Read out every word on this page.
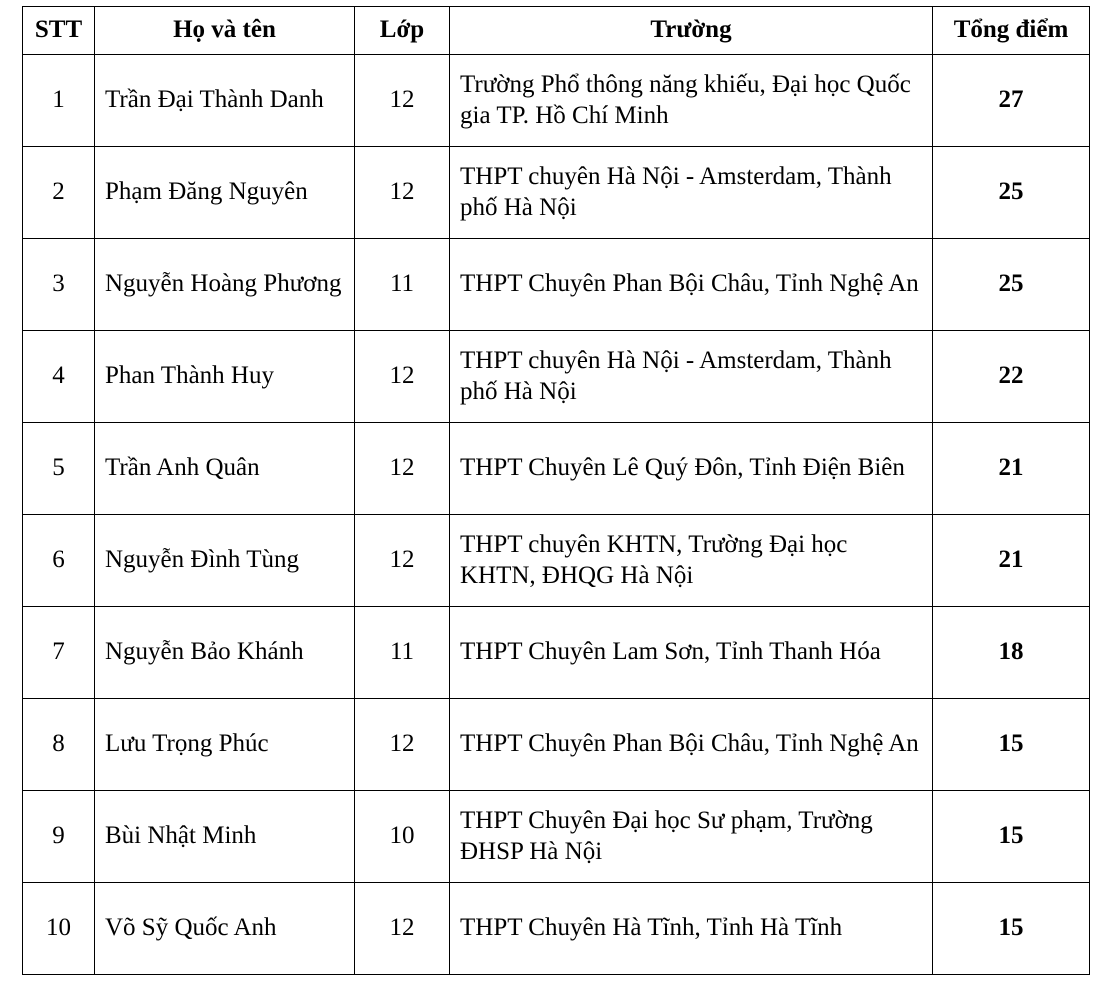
STT	Họ và tên	Lớp	Trường	Tổng điểm
1	Trần Đại Thành Danh	12	Trường Phổ thông năng khiếu, Đại học Quốc gia TP. Hồ Chí Minh	27
2	Phạm Đăng Nguyên	12	THPT chuyên Hà Nội - Amsterdam, Thành phố Hà Nội	25
3	Nguyễn Hoàng Phương	11	THPT Chuyên Phan Bội Châu, Tỉnh Nghệ An	25
4	Phan Thành Huy	12	THPT chuyên Hà Nội - Amsterdam, Thành phố Hà Nội	22
5	Trần Anh Quân	12	THPT Chuyên Lê Quý Đôn, Tỉnh Điện Biên	21
6	Nguyễn Đình Tùng	12	THPT chuyên KHTN, Trường Đại học KHTN, ĐHQG Hà Nội	21
7	Nguyễn Bảo Khánh	11	THPT Chuyên Lam Sơn, Tỉnh Thanh Hóa	18
8	Lưu Trọng Phúc	12	THPT Chuyên Phan Bội Châu, Tỉnh Nghệ An	15
9	Bùi Nhật Minh	10	THPT Chuyên Đại học Sư phạm, Trường ĐHSP Hà Nội	15
10	Võ Sỹ Quốc Anh	12	THPT Chuyên Hà Tĩnh, Tỉnh Hà Tĩnh	15
